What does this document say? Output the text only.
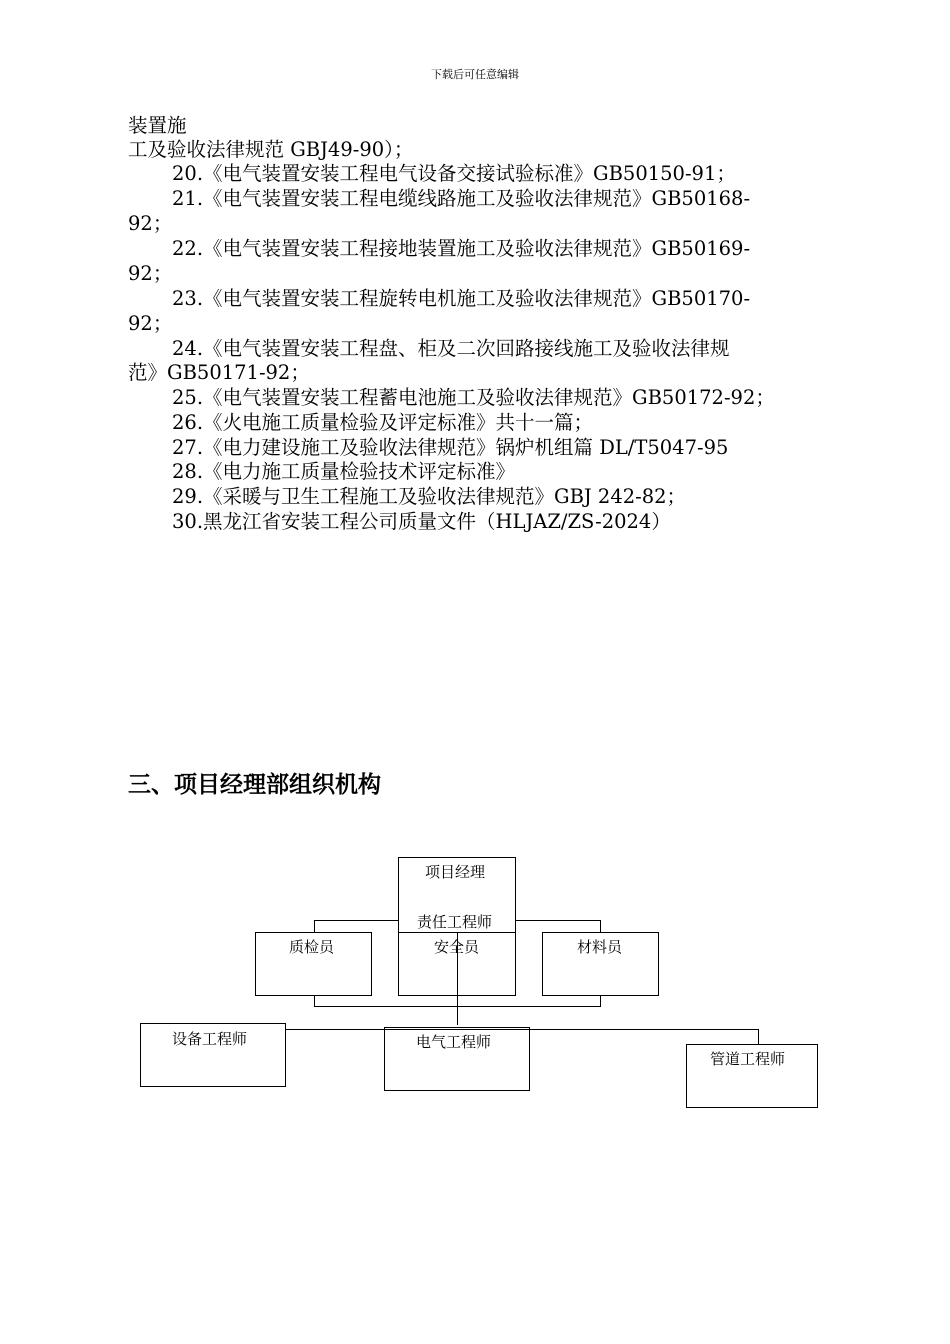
下载后可任意编辑
装置施
工及验收法律规范 GBJ49-90）；
20.《电气装置安装工程电气设备交接试验标准》GB50150-91；
21.《电气装置安装工程电缆线路施工及验收法律规范》GB50168-
92；
22.《电气装置安装工程接地装置施工及验收法律规范》GB50169-
92；
23.《电气装置安装工程旋转电机施工及验收法律规范》GB50170-
92；
24.《电气装置安装工程盘、柜及二次回路接线施工及验收法律规
范》GB50171-92；
25.《电气装置安装工程蓄电池施工及验收法律规范》GB50172-92；
26.《火电施工质量检验及评定标准》共十一篇；
27.《电力建设施工及验收法律规范》锅炉机组篇 DL/T5047-95
28.《电力施工质量检验技术评定标准》
29.《采暖与卫生工程施工及验收法律规范》GBJ 242-82；
30.黑龙江省安装工程公司质量文件（HLJAZ/ZS-2024）
三、项目经理部组织机构
项目经理
责任工程师
质检员	安全员	材料员
设备工程师	电气工程师
管道工程师
